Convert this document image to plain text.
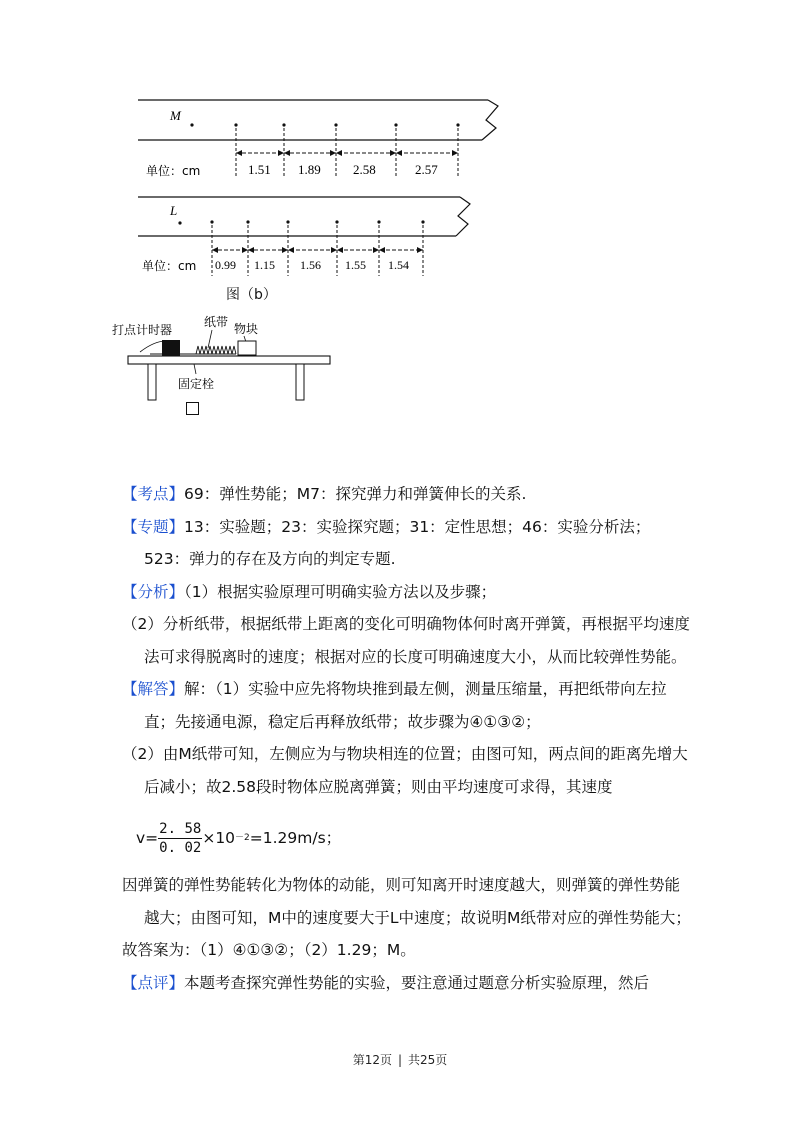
M
单位：cm	1.51 1.89 2.58	2.57
L
单位：cm 0.99 1.15 1.56 1.55 1.54
图（b）
打点计时器
纸带 物块
固定栓

【考点】69：弹性势能；M7：探究弹力和弹簧伸长的关系.

【专题】13：实验题；23：实验探究题；31：定性思想；46：实验分析法；

523：弹力的存在及方向的判定专题.

【分析】（1）根据实验原理可明确实验方法以及步骤；

（2）分析纸带，根据纸带上距离的变化可明确物体何时离开弹簧，再根据平均速度法可求得脱离时的速度；根据对应的长度可明确速度大小，从而比较弹性势能。

【解答】解：（1）实验中应先将物块推到最左侧，测量压缩量，再把纸带向左拉直；先接通电源，稳定后再释放纸带；故步骤为④①③②；

（2）由M纸带可知，左侧应为与物块相连的位置；由图可知，两点间的距离先增大后减小；故2.58段时物体应脱离弹簧；则由平均速度可求得，其速度

$v= \frac{2. 58}{0. 02} \times 10 -2 =1.29m/s$；

因弹簧的弹性势能转化为物体的动能，则可知离开时速度越大，则弹簧的弹性势能越大；由图可知，M中的速度要大于L中速度；故说明M纸带对应的弹性势能大；

故答案为：（1）④①③②；（2）1.29；M。

【点评】本题考查探究弹性势能的实验，要注意通过题意分析实验原理，然后

第12页 | 共25页
